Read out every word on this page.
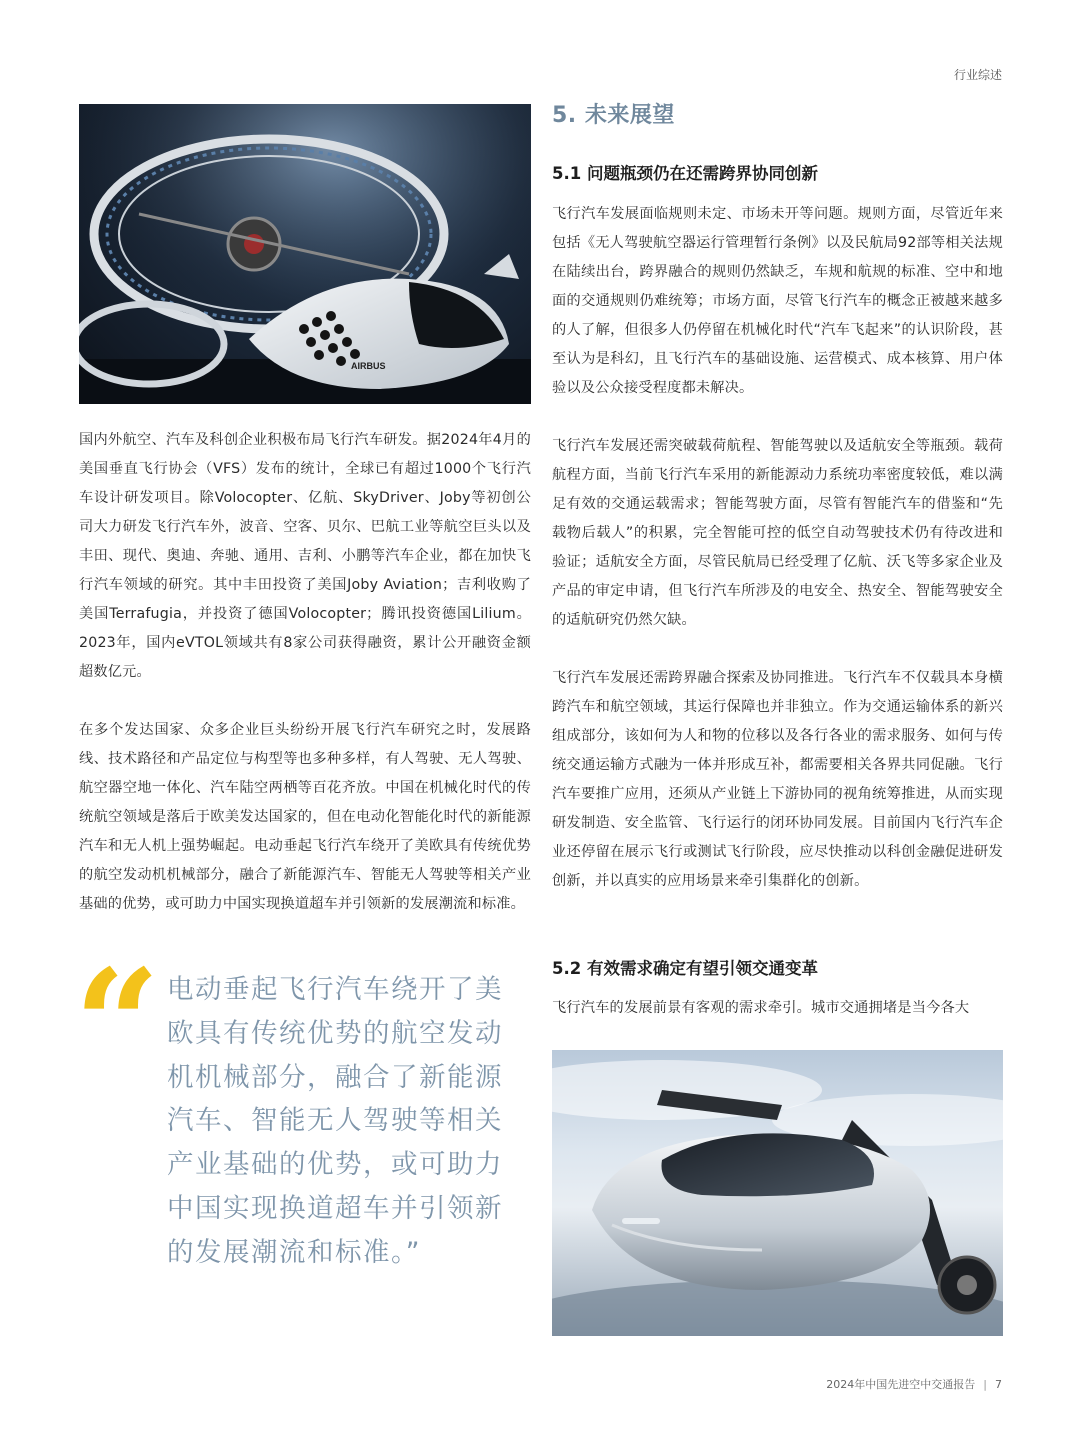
行业综述
AIRBUS

国内外航空、汽车及科创企业积极布局飞行汽车研发。据2024年4月的美国垂直飞行协会（VFS）发布的统计，全球已有超过1000个飞行汽车设计研发项目。除Volocopter、亿航、SkyDriver、Joby等初创公司大力研发飞行汽车外，波音、空客、贝尔、巴航工业等航空巨头以及丰田、现代、奥迪、奔驰、通用、吉利、小鹏等汽车企业，都在加快飞行汽车领域的研究。其中丰田投资了美国Joby Aviation；吉利收购了美国Terrafugia，并投资了德国Volocopter；腾讯投资德国Lilium。2023年，国内eVTOL领域共有8家公司获得融资，累计公开融资金额超数亿元。

在多个发达国家、众多企业巨头纷纷开展飞行汽车研究之时，发展路线、技术路径和产品定位与构型等也多种多样，有人驾驶、无人驾驶、航空器空地一体化、汽车陆空两栖等百花齐放。中国在机械化时代的传统航空领域是落后于欧美发达国家的，但在电动化智能化时代的新能源汽车和无人机上强势崛起。电动垂起飞行汽车绕开了美欧具有传统优势的航空发动机机械部分，融合了新能源汽车、智能无人驾驶等相关产业基础的优势，或可助力中国实现换道超车并引领新的发展潮流和标准。

“ 电动垂起飞行汽车绕开了美欧具有传统优势的航空发动机机械部分，融合了新能源汽车、智能无人驾驶等相关产业基础的优势，或可助力中国实现换道超车并引领新的发展潮流和标准。”

5. 未来展望
5.1 问题瓶颈仍在还需跨界协同创新

飞行汽车发展面临规则未定、市场未开等问题。规则方面，尽管近年来包括《无人驾驶航空器运行管理暂行条例》以及民航局92部等相关法规在陆续出台，跨界融合的规则仍然缺乏，车规和航规的标准、空中和地面的交通规则仍难统筹；市场方面，尽管飞行汽车的概念正被越来越多的人了解，但很多人仍停留在机械化时代“汽车飞起来”的认识阶段，甚至认为是科幻，且飞行汽车的基础设施、运营模式、成本核算、用户体验以及公众接受程度都未解决。

飞行汽车发展还需突破载荷航程、智能驾驶以及适航安全等瓶颈。载荷航程方面，当前飞行汽车采用的新能源动力系统功率密度较低，难以满足有效的交通运载需求；智能驾驶方面，尽管有智能汽车的借鉴和“先载物后载人”的积累，完全智能可控的低空自动驾驶技术仍有待改进和验证；适航安全方面，尽管民航局已经受理了亿航、沃飞等多家企业及产品的审定申请，但飞行汽车所涉及的电安全、热安全、智能驾驶安全的适航研究仍然欠缺。

飞行汽车发展还需跨界融合探索及协同推进。飞行汽车不仅载具本身横跨汽车和航空领域，其运行保障也并非独立。作为交通运输体系的新兴组成部分，该如何为人和物的位移以及各行各业的需求服务、如何与传统交通运输方式融为一体并形成互补，都需要相关各界共同促融。飞行汽车要推广应用，还须从产业链上下游协同的视角统筹推进，从而实现研发制造、安全监管、飞行运行的闭环协同发展。目前国内飞行汽车企业还停留在展示飞行或测试飞行阶段，应尽快推动以科创金融促进研发创新，并以真实的应用场景来牵引集群化的创新。

5.2 有效需求确定有望引领交通变革

飞行汽车的发展前景有客观的需求牵引。城市交通拥堵是当今各大

2024年中国先进空中交通报告 | 7
